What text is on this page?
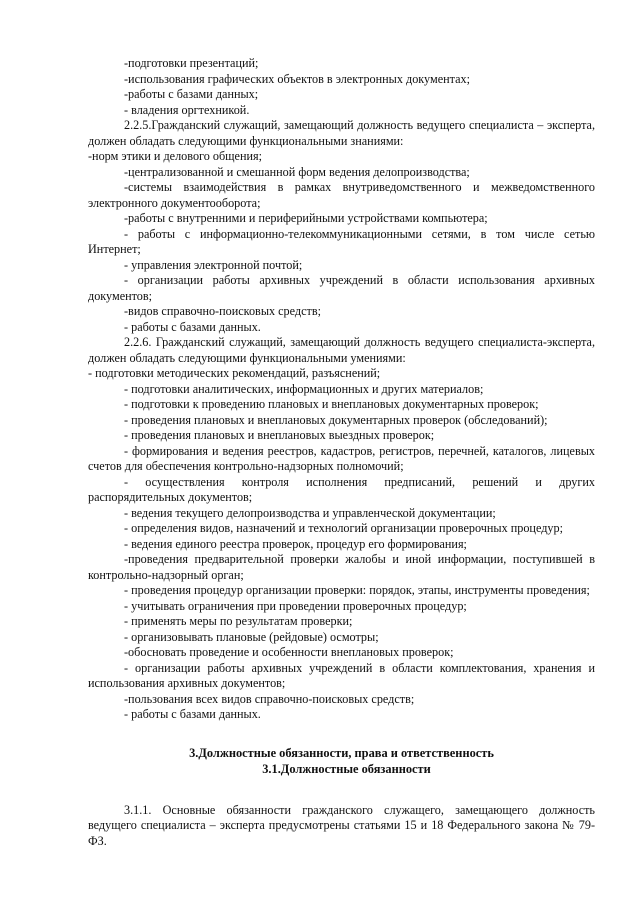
-подготовки презентаций;

-использования графических объектов в электронных документах;

-работы с базами данных;

- владения оргтехникой.

2.2.5.Гражданский служащий, замещающий должность ведущего специалиста – эксперта, должен обладать следующими функциональными знаниями:

-норм этики и делового общения;

-централизованной и смешанной форм ведения делопроизводства;

-системы взаимодействия в рамках внутриведомственного и межведомственного электронного документооборота;

-работы с внутренними и периферийными устройствами компьютера;

- работы с информационно-телекоммуникационными сетями, в том числе сетью Интернет;

- управления электронной почтой;

- организации работы архивных учреждений в области использования архивных документов;

-видов справочно-поисковых средств;

- работы с базами данных.

2.2.6. Гражданский служащий, замещающий должность ведущего специалиста-эксперта, должен обладать следующими функциональными умениями:

- подготовки методических рекомендаций, разъяснений;

- подготовки аналитических, информационных и других материалов;

- подготовки к проведению плановых и внеплановых документарных проверок;

- проведения плановых и внеплановых документарных проверок (обследований);

- проведения плановых и внеплановых выездных проверок;

- формирования и ведения реестров, кадастров, регистров, перечней, каталогов, лицевых счетов для обеспечения контрольно-надзорных полномочий;

- осуществления контроля исполнения предписаний, решений и других распорядительных документов;

- ведения текущего делопроизводства и управленческой документации;

- определения видов, назначений и технологий организации проверочных процедур;

- ведения единого реестра проверок, процедур его формирования;

-проведения предварительной проверки жалобы и иной информации, поступившей в контрольно-надзорный орган;

- проведения процедур организации проверки: порядок, этапы, инструменты проведения;

- учитывать ограничения при проведении проверочных процедур;

- применять меры по результатам проверки;

- организовывать плановые (рейдовые) осмотры;

-обосновать проведение и особенности внеплановых проверок;

- организации работы архивных учреждений в области комплектования, хранения и использования архивных документов;

-пользования всех видов справочно-поисковых средств;

- работы с базами данных.

3.Должностные обязанности, права и ответственность
3.1.Должностные обязанности

3.1.1. Основные обязанности гражданского служащего, замещающего должность ведущего специалиста – эксперта предусмотрены статьями 15 и 18 Федерального закона № 79-ФЗ.
